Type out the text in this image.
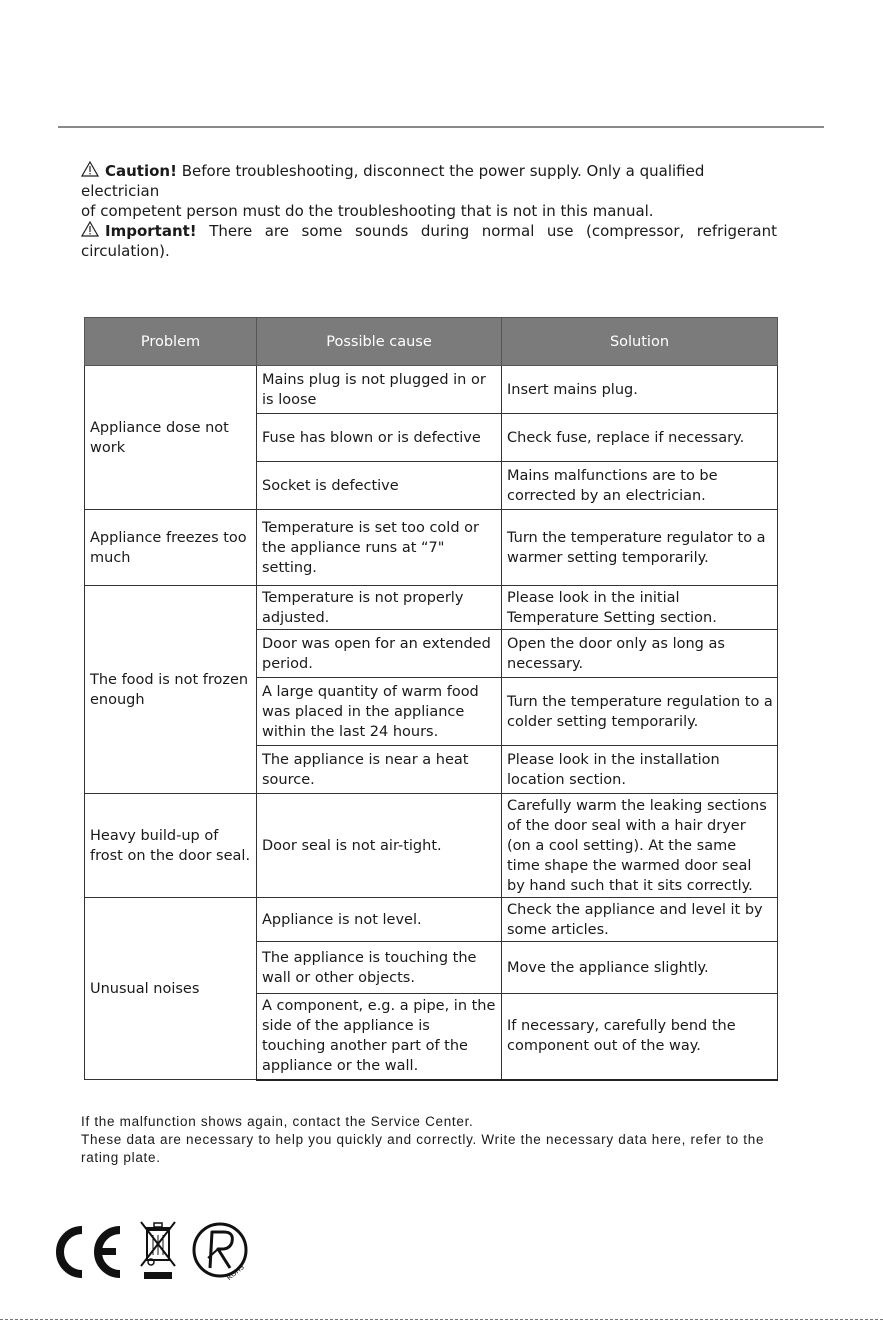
Caution! Before troubleshooting, disconnect the power supply. Only a qualified electrician
of competent person must do the troubleshooting that is not in this manual.
Important! There are some sounds during normal use (compressor, refrigerant circulation).
Problem	Possible cause	Solution
Appliance dose not work	Mains plug is not plugged in or is loose	Insert mains plug.
	Fuse has blown or is defective	Check fuse, replace if necessary.
	Socket is defective	Mains malfunctions are to be corrected by an electrician.
Appliance freezes too much	Temperature is set too cold or the appliance runs at “7" setting.	Turn the temperature regulator to a warmer setting temporarily.
The food is not frozen enough	Temperature is not properly adjusted.	Please look in the initial Temperature Setting section.
	Door was open for an extended period.	Open the door only as long as necessary.
	A large quantity of warm food was placed in the appliance within the last 24 hours.	Turn the temperature regulation to a colder setting temporarily.
	The appliance is near a heat source.	Please look in the installation location section.
Heavy build-up of frost on the door seal.	Door seal is not air-tight.	Carefully warm the leaking sections of the door seal with a hair dryer (on a cool setting). At the same time shape the warmed door seal by hand such that it sits correctly.
Unusual noises	Appliance is not level.	Check the appliance and level it by some articles.
	The appliance is touching the wall or other objects.	Move the appliance slightly.
	A component, e.g. a pipe, in the side of the appliance is touching another part of the appliance or the wall.	If necessary, carefully bend the component out of the way.
If the malfunction shows again, contact the Service Center.
These data are necessary to help you quickly and correctly. Write the necessary data here, refer to the
rating plate.
ROHS
